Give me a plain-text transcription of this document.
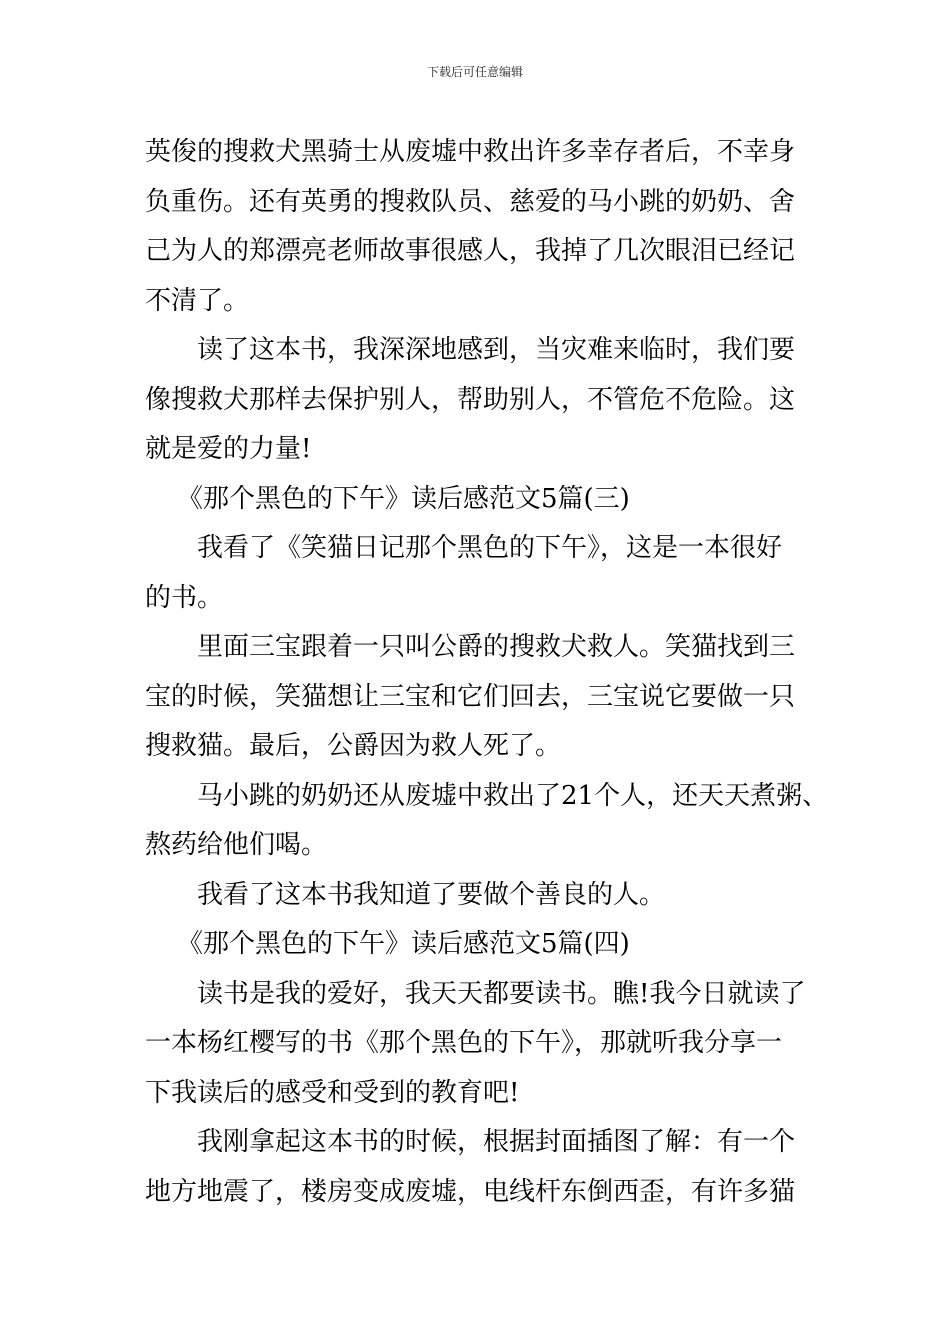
下载后可任意编辑
英俊的搜救犬黑骑士从废墟中救出许多幸存者后，不幸身
负重伤。还有英勇的搜救队员、慈爱的马小跳的奶奶、舍
己为人的郑漂亮老师故事很感人，我掉了几次眼泪已经记
不清了。
读了这本书，我深深地感到，当灾难来临时，我们要
像搜救犬那样去保护别人，帮助别人，不管危不危险。这
就是爱的力量!
《那个黑色的下午》读后感范文5篇(三)
我看了《笑猫日记那个黑色的下午》，这是一本很好
的书。
里面三宝跟着一只叫公爵的搜救犬救人。笑猫找到三
宝的时候，笑猫想让三宝和它们回去，三宝说它要做一只
搜救猫。最后，公爵因为救人死了。
马小跳的奶奶还从废墟中救出了21个人，还天天煮粥、
熬药给他们喝。
我看了这本书我知道了要做个善良的人。
《那个黑色的下午》读后感范文5篇(四)
读书是我的爱好，我天天都要读书。瞧!我今日就读了
一本杨红樱写的书《那个黑色的下午》，那就听我分享一
下我读后的感受和受到的教育吧!
我刚拿起这本书的时候，根据封面插图了解：有一个
地方地震了，楼房变成废墟，电线杆东倒西歪，有许多猫
